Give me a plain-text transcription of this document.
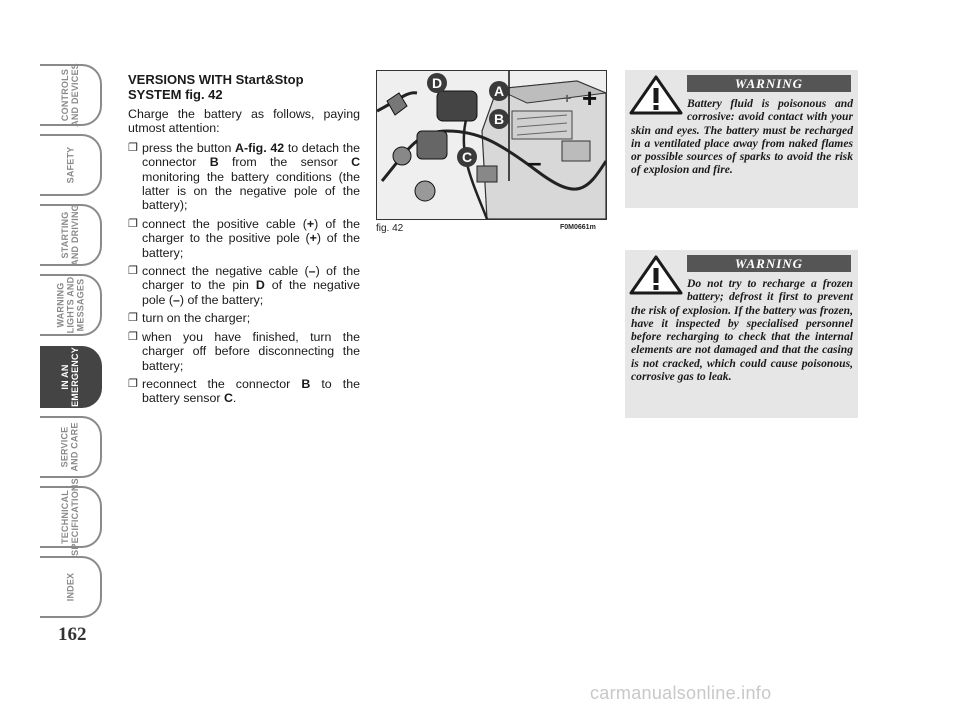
CONTROLS
AND DEVICES
SAFETY
STARTING
AND DRIVING
WARNING
LIGHTS AND
MESSAGES
IN AN
EMERGENCY
SERVICE
AND CARE
TECHNICAL
SPECIFICATIONS
INDEX
162
VERSIONS WITH Start&Stop SYSTEM fig. 42

Charge the battery as follows, paying utmost attention:

❐ press the button A-fig. 42 to detach the connector B from the sensor C monitoring the battery conditions (the latter is on the negative pole of the battery);
❐ connect the positive cable (+) of the charger to the positive pole (+) of the battery;
❐ connect the negative cable (–) of the charger to the pin D of the negative pole (–) of the battery;
❐ turn on the charger;
❐ when you have finished, turn the charger off before disconnecting the battery;
❐ reconnect the connector B to the battery sensor C.
D	A
B
C
+
–
+
fig. 42	F0M0661m
WARNING
Battery fluid is poisonous and corrosive: avoid contact with your skin and eyes. The battery must be recharged in a ventilated place away from naked flames or possible sources of sparks to avoid the risk of explosion and fire.
WARNING
Do not try to recharge a frozen battery; defrost it first to prevent the risk of explosion. If the battery was frozen, have it inspected by specialised personnel before recharging to check that the internal elements are not damaged and that the casing is not cracked, which could cause poisonous, corrosive gas to leak.
carmanualsonline.info
